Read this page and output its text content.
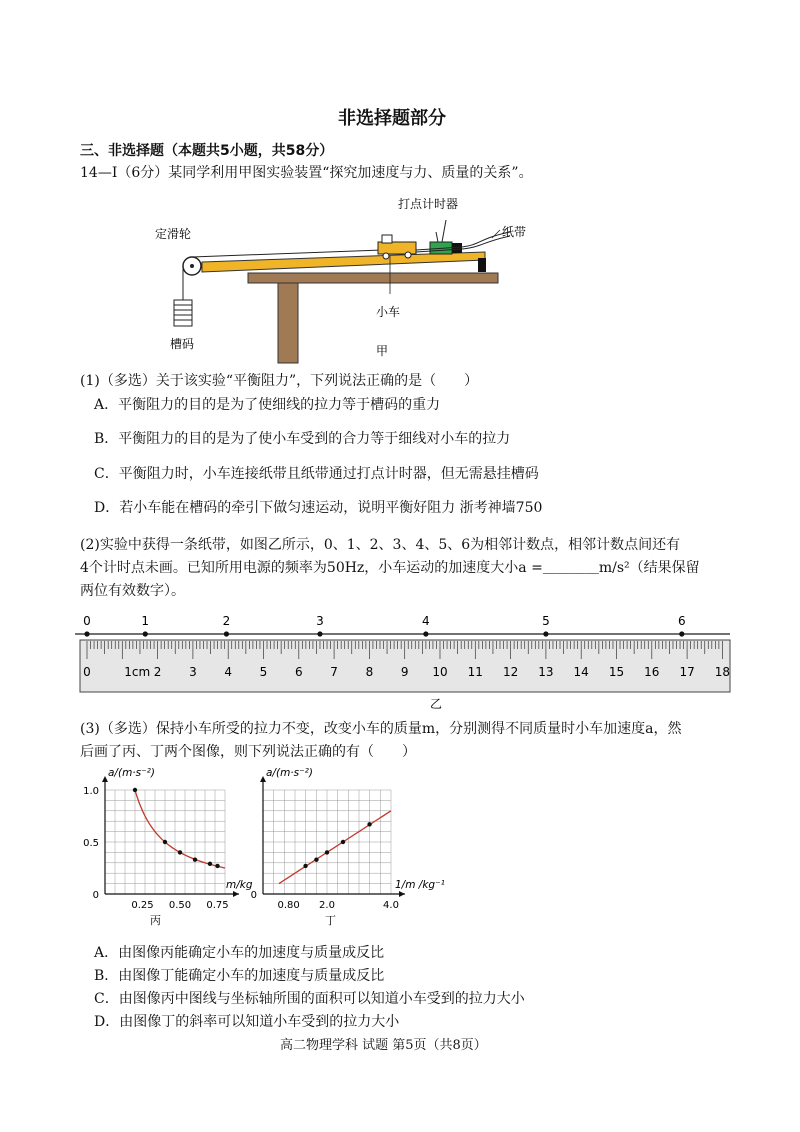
非选择题部分
三、非选择题（本题共5小题，共58分）
14—Ⅰ（6分）某同学利用甲图实验装置“探究加速度与力、质量的关系”。
打点计时器
定滑轮	纸带
小车
槽码	甲
(1)（多选）关于该实验“平衡阻力”，下列说法正确的是（　　）
A．平衡阻力的目的是为了使细线的拉力等于槽码的重力
B．平衡阻力的目的是为了使小车受到的合力等于细线对小车的拉力
C．平衡阻力时，小车连接纸带且纸带通过打点计时器，但无需悬挂槽码
D．若小车能在槽码的牵引下做匀速运动，说明平衡好阻力 浙考神墙750
(2)实验中获得一条纸带，如图乙所示，0、1、2、3、4、5、6为相邻计数点，相邻计数点间还有
4个计时点未画。已知所用电源的频率为50Hz，小车运动的加速度大小a =＿＿＿＿m/s²（结果保留
两位有效数字）。
0	1cm 2 3 4 5 6 7 8 9 10 11 12 13 14 15 16 17 18
0	1	2	3	4	5	6
乙
(3)（多选）保持小车所受的拉力不变，改变小车的质量m，分别测得不同质量时小车加速度a，然
后画了丙、丁两个图像，则下列说法正确的有（　　）
a/(m·s⁻²)
m/kg
0
0.5
1.0
0.25 0.50 0.75
丙
a/(m·s⁻²)
1/m /kg⁻¹
0
0.80 2.0	4.0
丁
A．由图像丙能确定小车的加速度与质量成反比
B．由图像丁能确定小车的加速度与质量成反比
C．由图像丙中图线与坐标轴所围的面积可以知道小车受到的拉力大小
D．由图像丁的斜率可以知道小车受到的拉力大小
高二物理学科 试题 第5页（共8页）
